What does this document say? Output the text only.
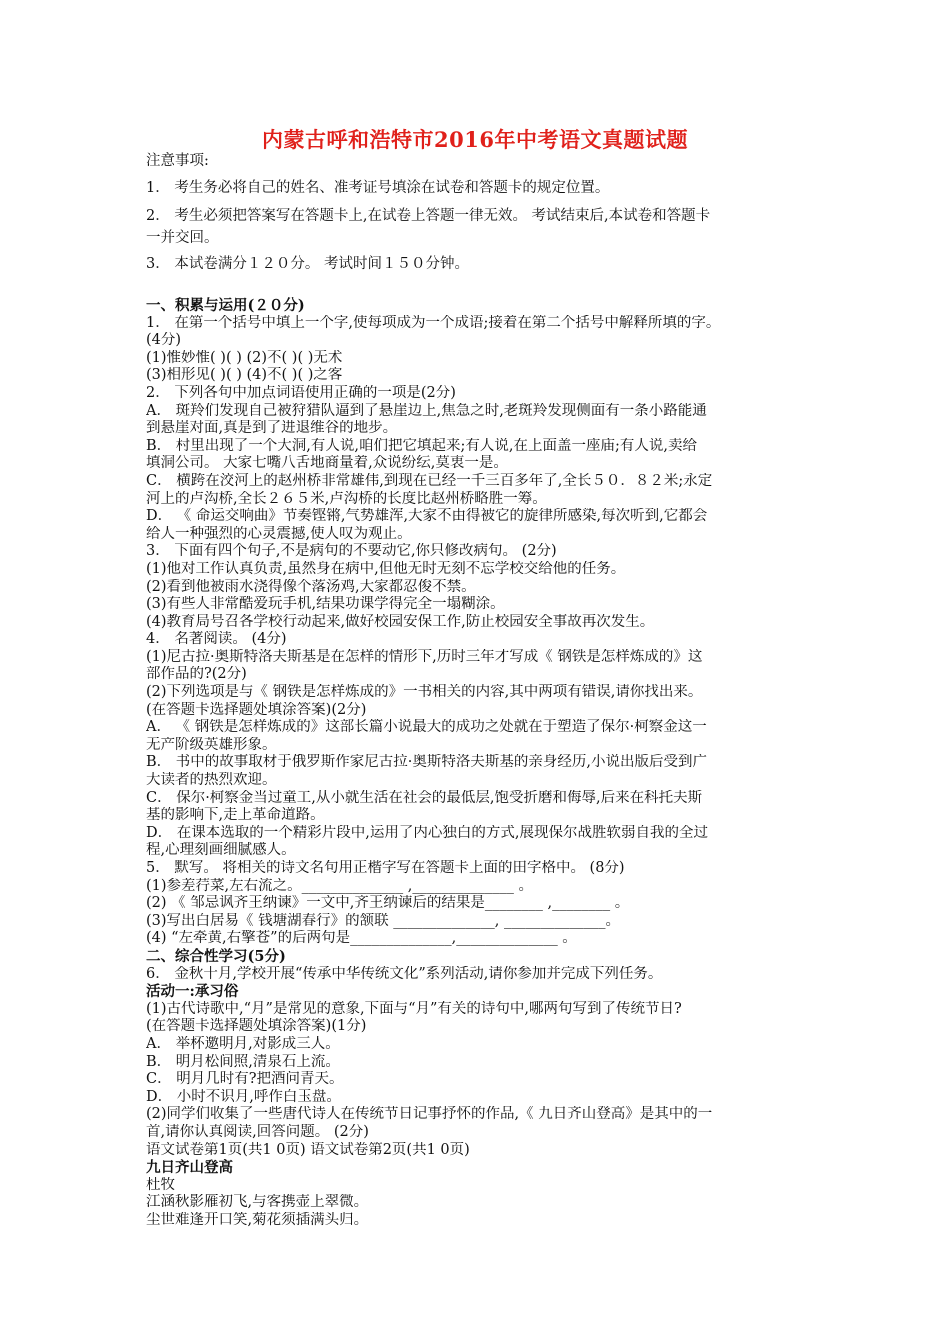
内蒙古呼和浩特市2016年中考语文真题试题
注意事项:
1． 考生务必将自己的姓名、准考证号填涂在试卷和答题卡的规定位置。
2． 考生必须把答案写在答题卡上,在试卷上答题一律无效。 考试结束后,本试卷和答题卡
一并交回。
3． 本试卷满分１２０分。 考试时间１５０分钟。
一、积累与运用(２０分)
1． 在第一个括号中填上一个字,使每项成为一个成语;接着在第二个括号中解释所填的字。
(4分)
(1)惟妙惟( )( ) (2)不( )( )无术
(3)相形见( )( ) (4)不( )( )之客
2． 下列各句中加点词语使用正确的一项是(2分)
A． 斑羚们发现自己被狩猎队逼到了悬崖边上,焦急之时,老斑羚发现侧面有一条小路能通
到悬崖对面,真是到了进退维谷的地步。
B． 村里出现了一个大洞,有人说,咱们把它填起来;有人说,在上面盖一座庙;有人说,卖给
填洞公司。 大家七嘴八舌地商量着,众说纷纭,莫衷一是。
C． 横跨在洨河上的赵州桥非常雄伟,到现在已经一千三百多年了,全长５０．８２米;永定
河上的卢沟桥,全长２６５米,卢沟桥的长度比赵州桥略胜一筹。
D． 《 命运交响曲》节奏铿锵,气势雄浑,大家不由得被它的旋律所感染,每次听到,它都会
给人一种强烈的心灵震撼,使人叹为观止。
3． 下面有四个句子,不是病句的不要动它,你只修改病句。 (2分)
(1)他对工作认真负责,虽然身在病中,但他无时无刻不忘学校交给他的任务。
(2)看到他被雨水浇得像个落汤鸡,大家都忍俊不禁。
(3)有些人非常酷爱玩手机,结果功课学得完全一塌糊涂。
(4)教育局号召各学校行动起来,做好校园安保工作,防止校园安全事故再次发生。
4． 名著阅读。 (4分)
(1)尼古拉·奥斯特洛夫斯基是在怎样的情形下,历时三年才写成《 钢铁是怎样炼成的》这
部作品的?(2分)
(2)下列选项是与《 钢铁是怎样炼成的》一书相关的内容,其中两项有错误,请你找出来。
(在答题卡选择题处填涂答案)(2分)
A． 《 钢铁是怎样炼成的》这部长篇小说最大的成功之处就在于塑造了保尔·柯察金这一
无产阶级英雄形象。
B． 书中的故事取材于俄罗斯作家尼古拉·奥斯特洛夫斯基的亲身经历,小说出版后受到广
大读者的热烈欢迎。
C． 保尔·柯察金当过童工,从小就生活在社会的最低层,饱受折磨和侮辱,后来在科托夫斯
基的影响下,走上革命道路。
D． 在课本选取的一个精彩片段中,运用了内心独白的方式,展现保尔战胜软弱自我的全过
程,心理刻画细腻感人。
5． 默写。 将相关的诗文名句用正楷字写在答题卡上面的田字格中。 (8分)
(1)参差荇菜,左右流之。______________ ,______________ 。
(2) 《 邹忌讽齐王纳谏》一文中,齐王纳谏后的结果是________ ,________ 。
(3)写出白居易《 钱塘湖春行》的颔联 ______________, ______________。
(4) “左牵黄,右擎苍”的后两句是______________,______________ 。
二、综合性学习(5分)
6． 金秋十月,学校开展“传承中华传统文化”系列活动,请你参加并完成下列任务。
活动一:承习俗
(1)古代诗歌中,“月”是常见的意象,下面与“月”有关的诗句中,哪两句写到了传统节日?
(在答题卡选择题处填涂答案)(1分)
A． 举杯邀明月,对影成三人。
B． 明月松间照,清泉石上流。
C． 明月几时有?把酒问青天。
D． 小时不识月,呼作白玉盘。
(2)同学们收集了一些唐代诗人在传统节日记事抒怀的作品,《 九日齐山登高》是其中的一
首,请你认真阅读,回答问题。 (2分)
语文试卷第1页(共1 0页) 语文试卷第2页(共1 0页)
九日齐山登高
杜牧
江涵秋影雁初飞,与客携壶上翠微。
尘世难逢开口笑,菊花须插满头归。
